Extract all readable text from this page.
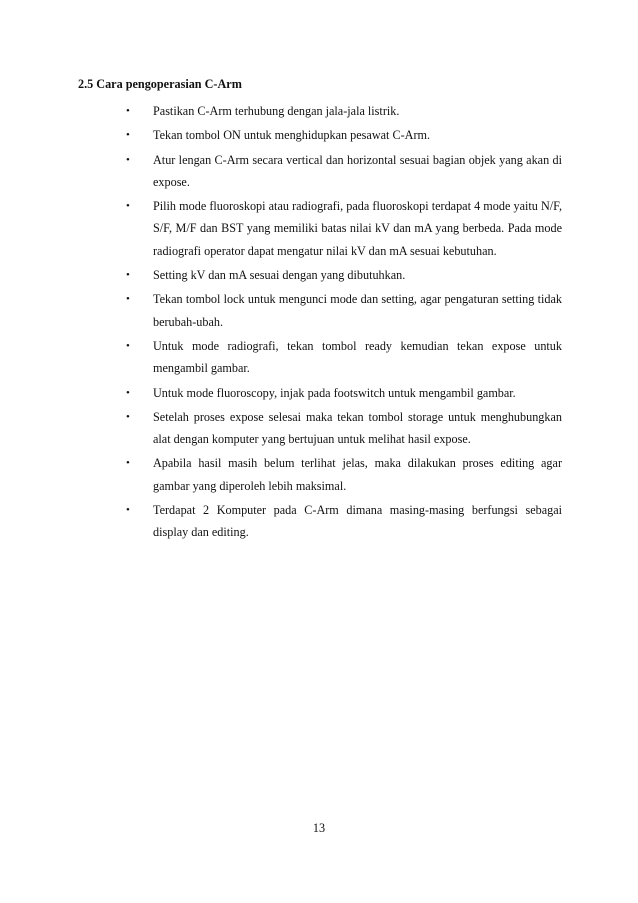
2.5 Cara pengoperasian C-Arm
•	Pastikan C-Arm terhubung dengan jala-jala listrik.
•	Tekan tombol ON untuk menghidupkan pesawat C-Arm.
•	Atur lengan C-Arm secara vertical dan horizontal sesuai bagian objek yang akan di expose.
•	Pilih mode fluoroskopi atau radiografi, pada fluoroskopi terdapat 4 mode yaitu N/F, S/F, M/F dan BST yang memiliki batas nilai kV dan mA yang berbeda. Pada mode radiografi operator dapat mengatur nilai kV dan mA sesuai kebutuhan.
•	Setting kV dan mA sesuai dengan yang dibutuhkan.
•	Tekan tombol lock untuk mengunci mode dan setting, agar pengaturan setting tidak berubah-ubah.
•	Untuk mode radiografi, tekan tombol ready kemudian tekan expose untuk mengambil gambar.
•	Untuk mode fluoroscopy, injak pada footswitch untuk mengambil gambar.
•	Setelah proses expose selesai maka tekan tombol storage untuk menghubungkan alat dengan komputer yang bertujuan untuk melihat hasil expose.
•	Apabila hasil masih belum terlihat jelas, maka dilakukan proses editing agar gambar yang diperoleh lebih maksimal.
•	Terdapat 2 Komputer pada C-Arm dimana masing-masing berfungsi sebagai display dan editing.
13
